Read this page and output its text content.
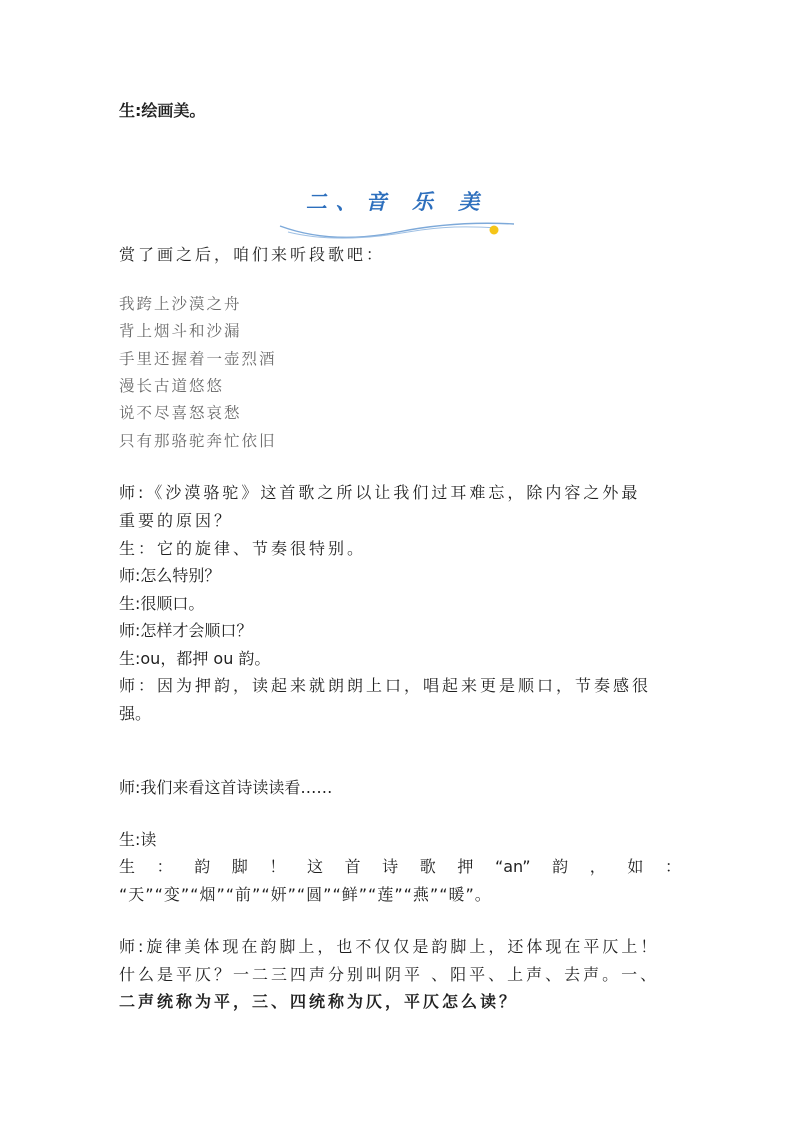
生:绘画美。
二、音 乐 美
赏了画之后，咱们来听段歌吧：
我跨上沙漠之舟
背上烟斗和沙漏
手里还握着一壶烈酒
漫长古道悠悠
说不尽喜怒哀愁
只有那骆驼奔忙依旧
师:《沙漠骆驼》这首歌之所以让我们过耳难忘，除内容之外最
重要的原因？
生：它的旋律、节奏很特别。
师:怎么特别？
生:很顺口。
师:怎样才会顺口？
生:ou，都押 ou 韵。
师：因为押韵，读起来就朗朗上口，唱起来更是顺口，节奏感很
强。
师:我们来看这首诗读读看……
生:读
生 ： 韵 脚 ！ 这 首 诗 歌 押 “an” 韵 ， 如 ：
“天”“变”“烟”“前”“妍”“圆”“鲜”“莲”“燕”“暖”。
师:旋律美体现在韵脚上，也不仅仅是韵脚上，还体现在平仄上！
什么是平仄？一二三四声分别叫阴平 、阳平、上声、去声。一、
二声统称为平，三、四统称为仄，平仄怎么读？
